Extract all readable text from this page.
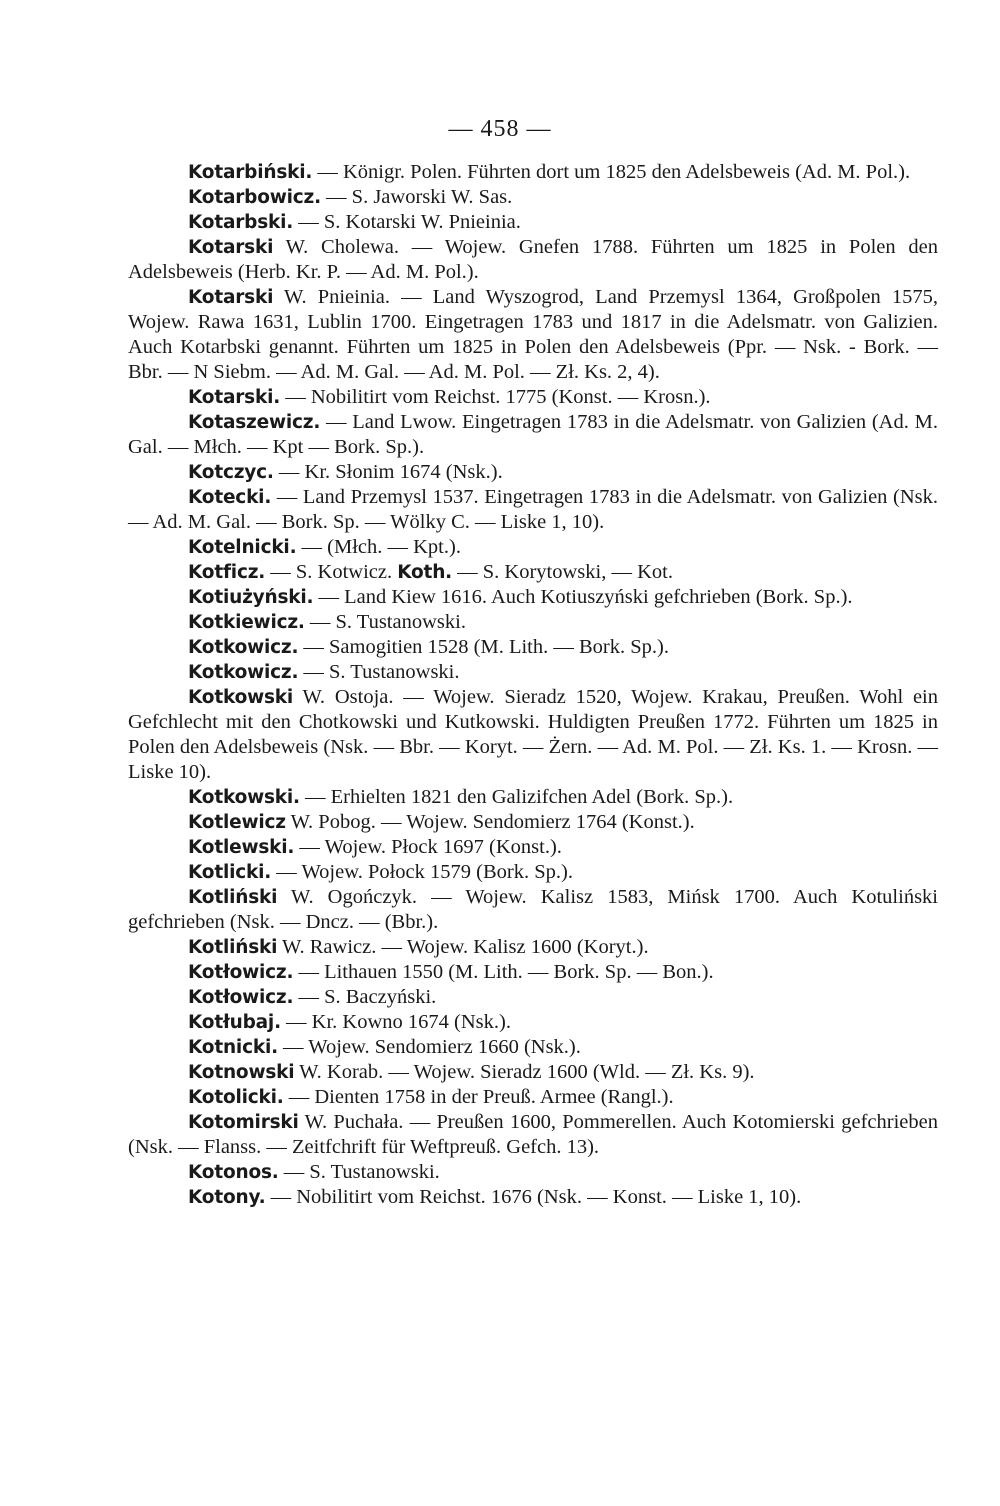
— 458 —

Kotarbiński. — Königr. Polen. Führten dort um 1825 den Adelsbeweis (Ad. M. Pol.).

Kotarbowicz. — S. Jaworski W. Sas.

Kotarbski. — S. Kotarski W. Pnieinia.

Kotarski W. Cholewa. — Wojew. Gnefen 1788. Führten um 1825 in Polen den Adelsbeweis (Herb. Kr. P. — Ad. M. Pol.).

Kotarski W. Pnieinia. — Land Wyszogrod, Land Przemysl 1364, Großpolen 1575, Wojew. Rawa 1631, Lublin 1700. Eingetragen 1783 und 1817 in die Adelsmatr. von Galizien. Auch Kotarbski genannt. Führten um 1825 in Polen den Adelsbeweis (Ppr. — Nsk. - Bork. — Bbr. — N Siebm. — Ad. M. Gal. — Ad. M. Pol. — Zł. Ks. 2, 4).

Kotarski. — Nobilitirt vom Reichst. 1775 (Konst. — Krosn.).

Kotaszewicz. — Land Lwow. Eingetragen 1783 in die Adelsmatr. von Galizien (Ad. M. Gal. — Młch. — Kpt — Bork. Sp.).

Kotczyc. — Kr. Słonim 1674 (Nsk.).

Kotecki. — Land Przemysl 1537. Eingetragen 1783 in die Adelsmatr. von Galizien (Nsk. — Ad. M. Gal. — Bork. Sp. — Wölky C. — Liske 1, 10).

Kotelnicki. — (Młch. — Kpt.).

Kotficz. — S. Kotwicz. Koth. — S. Korytowski, — Kot.

Kotiużyński. — Land Kiew 1616. Auch Kotiuszyński gefchrieben (Bork. Sp.).

Kotkiewicz. — S. Tustanowski.

Kotkowicz. — Samogitien 1528 (M. Lith. — Bork. Sp.).

Kotkowicz. — S. Tustanowski.

Kotkowski W. Ostoja. — Wojew. Sieradz 1520, Wojew. Krakau, Preußen. Wohl ein Gefchlecht mit den Chotkowski und Kutkowski. Huldigten Preußen 1772. Führten um 1825 in Polen den Adelsbeweis (Nsk. — Bbr. — Koryt. — Żern. — Ad. M. Pol. — Zł. Ks. 1. — Krosn. — Liske 10).

Kotkowski. — Erhielten 1821 den Galizifchen Adel (Bork. Sp.).

Kotlewicz W. Pobog. — Wojew. Sendomierz 1764 (Konst.).

Kotlewski. — Wojew. Płock 1697 (Konst.).

Kotlicki. — Wojew. Połock 1579 (Bork. Sp.).

Kotliński W. Ogończyk. — Wojew. Kalisz 1583, Mińsk 1700. Auch Kotuliński gefchrieben (Nsk. — Dncz. — (Bbr.).

Kotliński W. Rawicz. — Wojew. Kalisz 1600 (Koryt.).

Kotłowicz. — Lithauen 1550 (M. Lith. — Bork. Sp. — Bon.).

Kotłowicz. — S. Baczyński.

Kotłubaj. — Kr. Kowno 1674 (Nsk.).

Kotnicki. — Wojew. Sendomierz 1660 (Nsk.).

Kotnowski W. Korab. — Wojew. Sieradz 1600 (Wld. — Zł. Ks. 9).

Kotolicki. — Dienten 1758 in der Preuß. Armee (Rangl.).

Kotomirski W. Puchała. — Preußen 1600, Pommerellen. Auch Kotomierski gefchrieben (Nsk. — Flanss. — Zeitfchrift für Weftpreuß. Gefch. 13).

Kotonos. — S. Tustanowski.

Kotony. — Nobilitirt vom Reichst. 1676 (Nsk. — Konst. — Liske 1, 10).
